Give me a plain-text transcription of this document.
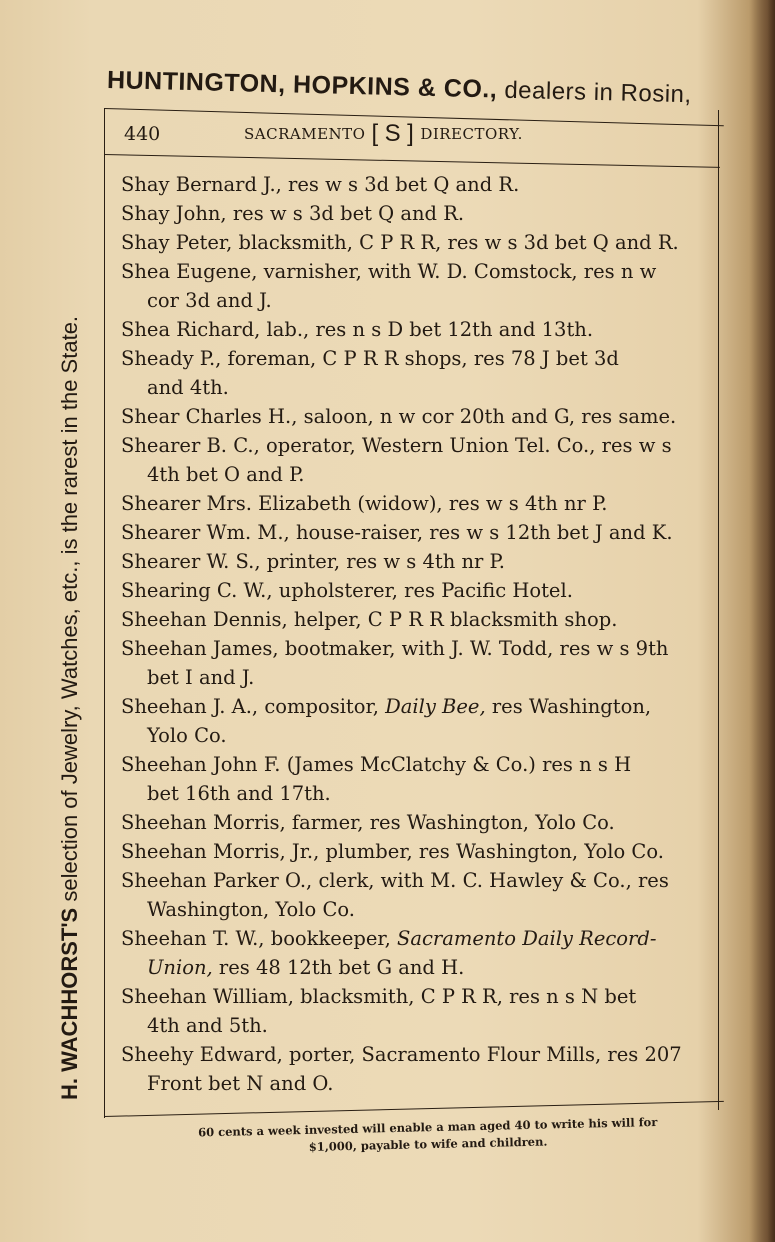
HUNTINGTON, HOPKINS & CO., dealers in Rosin,
H. WACHHORST'S selection of Jewelry, Watches, etc., is the rarest in the State.
440	SACRAMENTO [ S ] DIRECTORY.

Shay Bernard J., res w s 3d bet Q and R.

Shay John, res w s 3d bet Q and R.

Shay Peter, blacksmith, C P R R, res w s 3d bet Q and R.

Shea Eugene, varnisher, with W. D. Comstock, res n w
cor 3d and J.

Shea Richard, lab., res n s D bet 12th and 13th.

Sheady P., foreman, C P R R shops, res 78 J bet 3d
and 4th.

Shear Charles H., saloon, n w cor 20th and G, res same.

Shearer B. C., operator, Western Union Tel. Co., res w s
4th bet O and P.

Shearer Mrs. Elizabeth (widow), res w s 4th nr P.

Shearer Wm. M., house-raiser, res w s 12th bet J and K.

Shearer W. S., printer, res w s 4th nr P.

Shearing C. W., upholsterer, res Pacific Hotel.

Sheehan Dennis, helper, C P R R blacksmith shop.

Sheehan James, bootmaker, with J. W. Todd, res w s 9th
bet I and J.

Sheehan J. A., compositor, Daily Bee, res Washington,
Yolo Co.

Sheehan John F. (James McClatchy & Co.) res n s H
bet 16th and 17th.

Sheehan Morris, farmer, res Washington, Yolo Co.

Sheehan Morris, Jr., plumber, res Washington, Yolo Co.

Sheehan Parker O., clerk, with M. C. Hawley & Co., res
Washington, Yolo Co.

Sheehan T. W., bookkeeper, Sacramento Daily Record-
Union, res 48 12th bet G and H.

Sheehan William, blacksmith, C P R R, res n s N bet
4th and 5th.

Sheehy Edward, porter, Sacramento Flour Mills, res 207
Front bet N and O.

60 cents a week invested will enable a man aged 40 to write his will for
$1,000, payable to wife and children.
